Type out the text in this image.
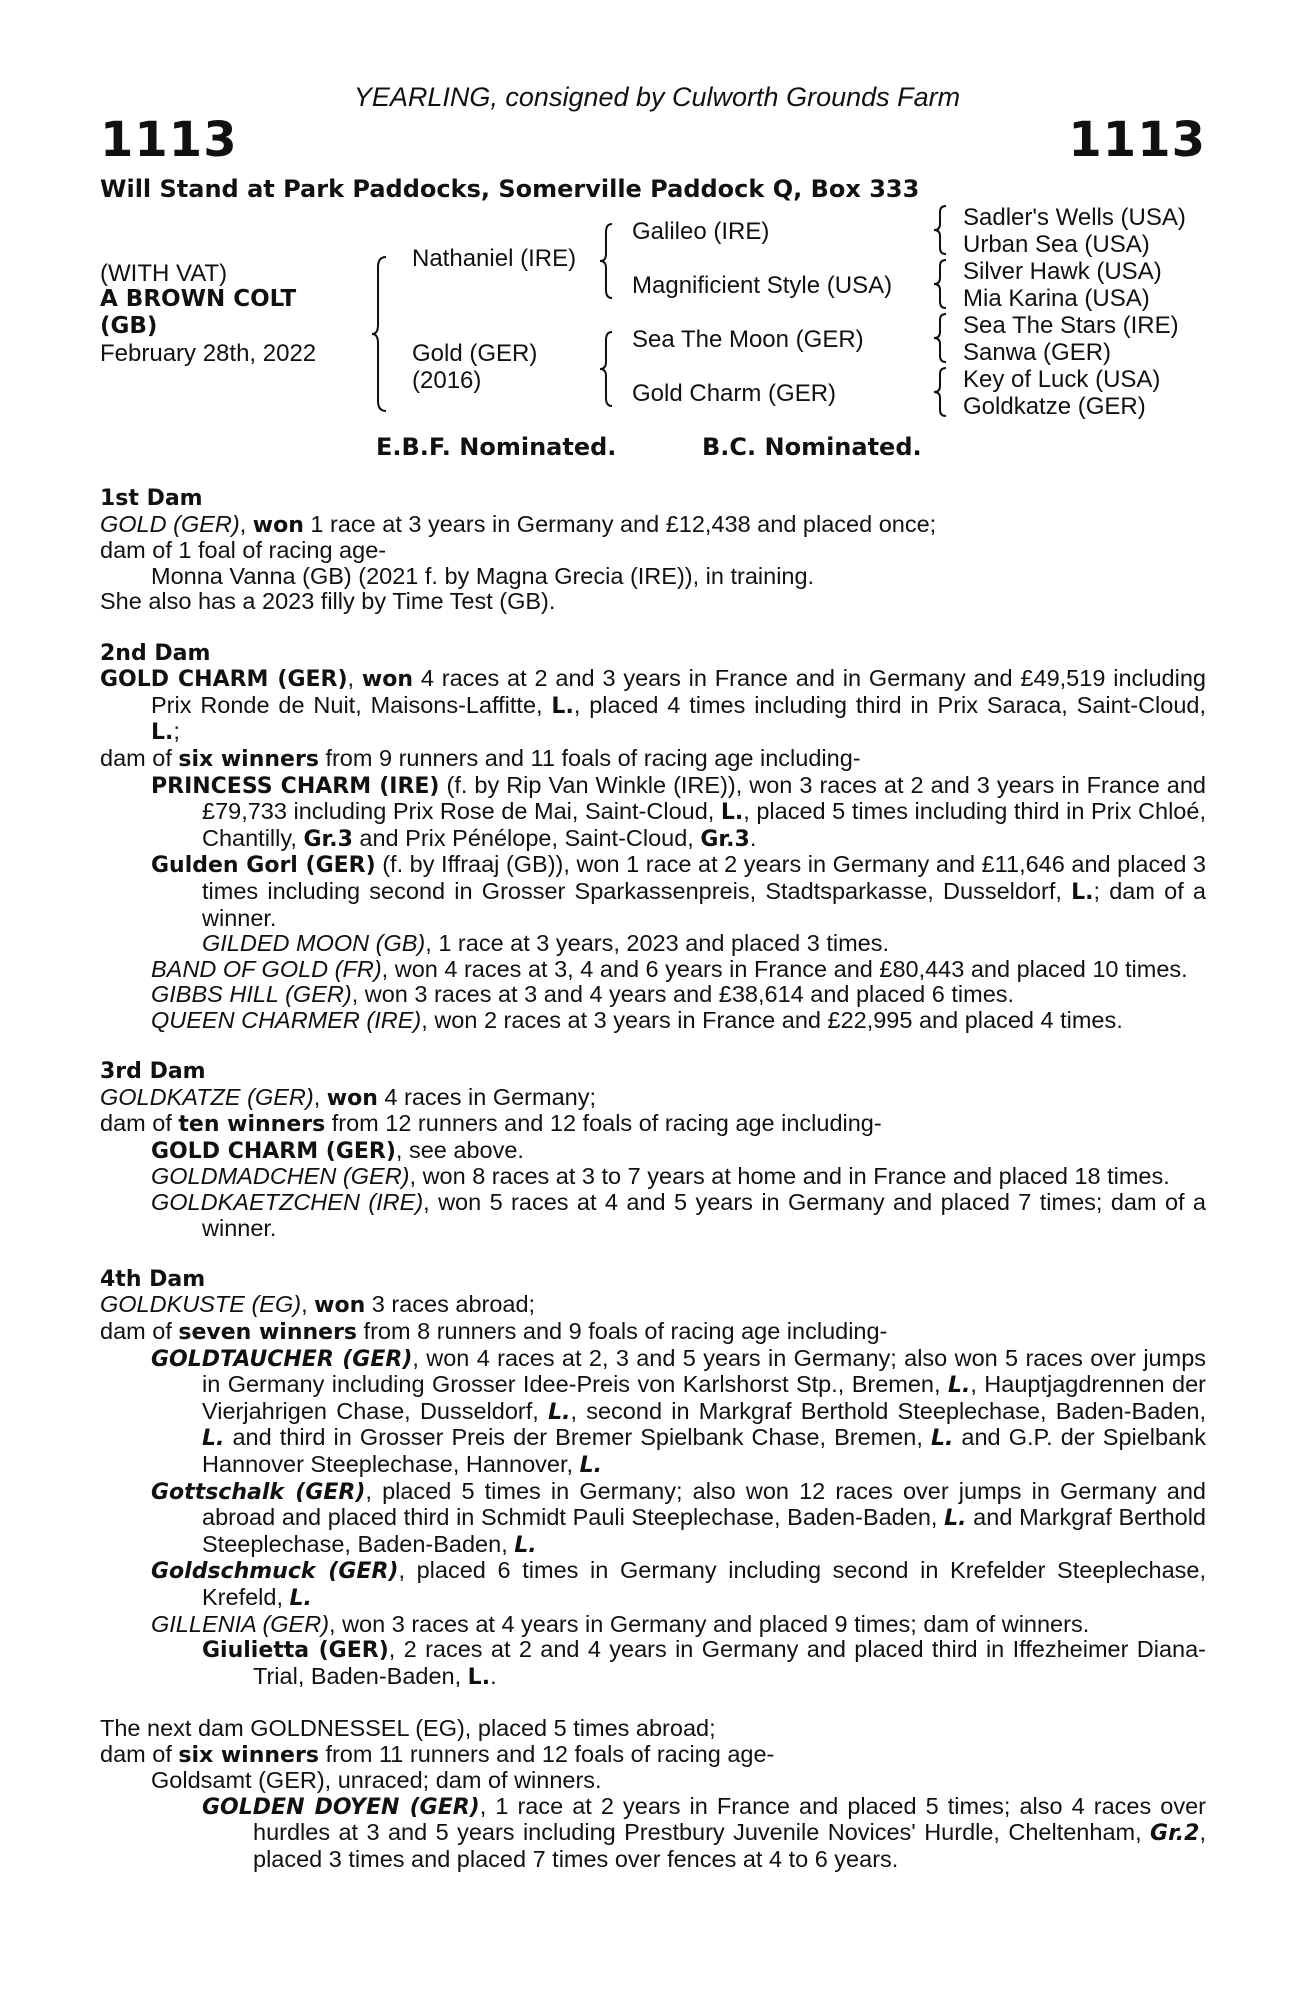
YEARLING, consigned by Culworth Grounds Farm
1113	1113
Will Stand at Park Paddocks, Somerville Paddock Q, Box 333
(WITH VAT)
A BROWN COLT
(GB)
February 28th, 2022
Nathaniel (IRE)
Gold (GER)
(2016)
Galileo (IRE)
Magnificient Style (USA)
Sea The Moon (GER)
Gold Charm (GER)
Sadler's Wells (USA)
Urban Sea (USA)
Silver Hawk (USA)
Mia Karina (USA)
Sea The Stars (IRE)
Sanwa (GER)
Key of Luck (USA)
Goldkatze (GER)
E.B.F. Nominated.	B.C. Nominated.
1st Dam
GOLD (GER), won 1 race at 3 years in Germany and £12,438 and placed once;
dam of 1 foal of racing age-
Monna Vanna (GB) (2021 f. by Magna Grecia (IRE)), in training.
She also has a 2023 filly by Time Test (GB).
2nd Dam
GOLD CHARM (GER), won 4 races at 2 and 3 years in France and in Germany and £49,519 including Prix Ronde de Nuit, Maisons-Laffitte, L., placed 4 times including third in Prix Saraca, Saint-Cloud, L.;
dam of six winners from 9 runners and 11 foals of racing age including-
PRINCESS CHARM (IRE) (f. by Rip Van Winkle (IRE)), won 3 races at 2 and 3 years in France and £79,733 including Prix Rose de Mai, Saint-Cloud, L., placed 5 times including third in Prix Chloé, Chantilly, Gr.3 and Prix Pénélope, Saint-Cloud, Gr.3.
Gulden Gorl (GER) (f. by Iffraaj (GB)), won 1 race at 2 years in Germany and £11,646 and placed 3 times including second in Grosser Sparkassenpreis, Stadtsparkasse, Dusseldorf, L.; dam of a winner.
GILDED MOON (GB), 1 race at 3 years, 2023 and placed 3 times.
BAND OF GOLD (FR), won 4 races at 3, 4 and 6 years in France and £80,443 and placed 10 times.
GIBBS HILL (GER), won 3 races at 3 and 4 years and £38,614 and placed 6 times.
QUEEN CHARMER (IRE), won 2 races at 3 years in France and £22,995 and placed 4 times.
3rd Dam
GOLDKATZE (GER), won 4 races in Germany;
dam of ten winners from 12 runners and 12 foals of racing age including-
GOLD CHARM (GER), see above.
GOLDMADCHEN (GER), won 8 races at 3 to 7 years at home and in France and placed 18 times.
GOLDKAETZCHEN (IRE), won 5 races at 4 and 5 years in Germany and placed 7 times; dam of a winner.
4th Dam
GOLDKUSTE (EG), won 3 races abroad;
dam of seven winners from 8 runners and 9 foals of racing age including-
GOLDTAUCHER (GER), won 4 races at 2, 3 and 5 years in Germany; also won 5 races over jumps in Germany including Grosser Idee-Preis von Karlshorst Stp., Bremen, L., Hauptjagdrennen der Vierjahrigen Chase, Dusseldorf, L., second in Markgraf Berthold Steeplechase, Baden-Baden, L. and third in Grosser Preis der Bremer Spielbank Chase, Bremen, L. and G.P. der Spielbank Hannover Steeplechase, Hannover, L.
Gottschalk (GER), placed 5 times in Germany; also won 12 races over jumps in Germany and abroad and placed third in Schmidt Pauli Steeplechase, Baden-Baden, L. and Markgraf Berthold Steeplechase, Baden-Baden, L.
Goldschmuck (GER), placed 6 times in Germany including second in Krefelder Steeplechase, Krefeld, L.
GILLENIA (GER), won 3 races at 4 years in Germany and placed 9 times; dam of winners.
Giulietta (GER), 2 races at 2 and 4 years in Germany and placed third in Iffezheimer Diana-Trial, Baden-Baden, L..
The next dam GOLDNESSEL (EG), placed 5 times abroad;
dam of six winners from 11 runners and 12 foals of racing age-
Goldsamt (GER), unraced; dam of winners.
GOLDEN DOYEN (GER), 1 race at 2 years in France and placed 5 times; also 4 races over hurdles at 3 and 5 years including Prestbury Juvenile Novices' Hurdle, Cheltenham, Gr.2, placed 3 times and placed 7 times over fences at 4 to 6 years.
